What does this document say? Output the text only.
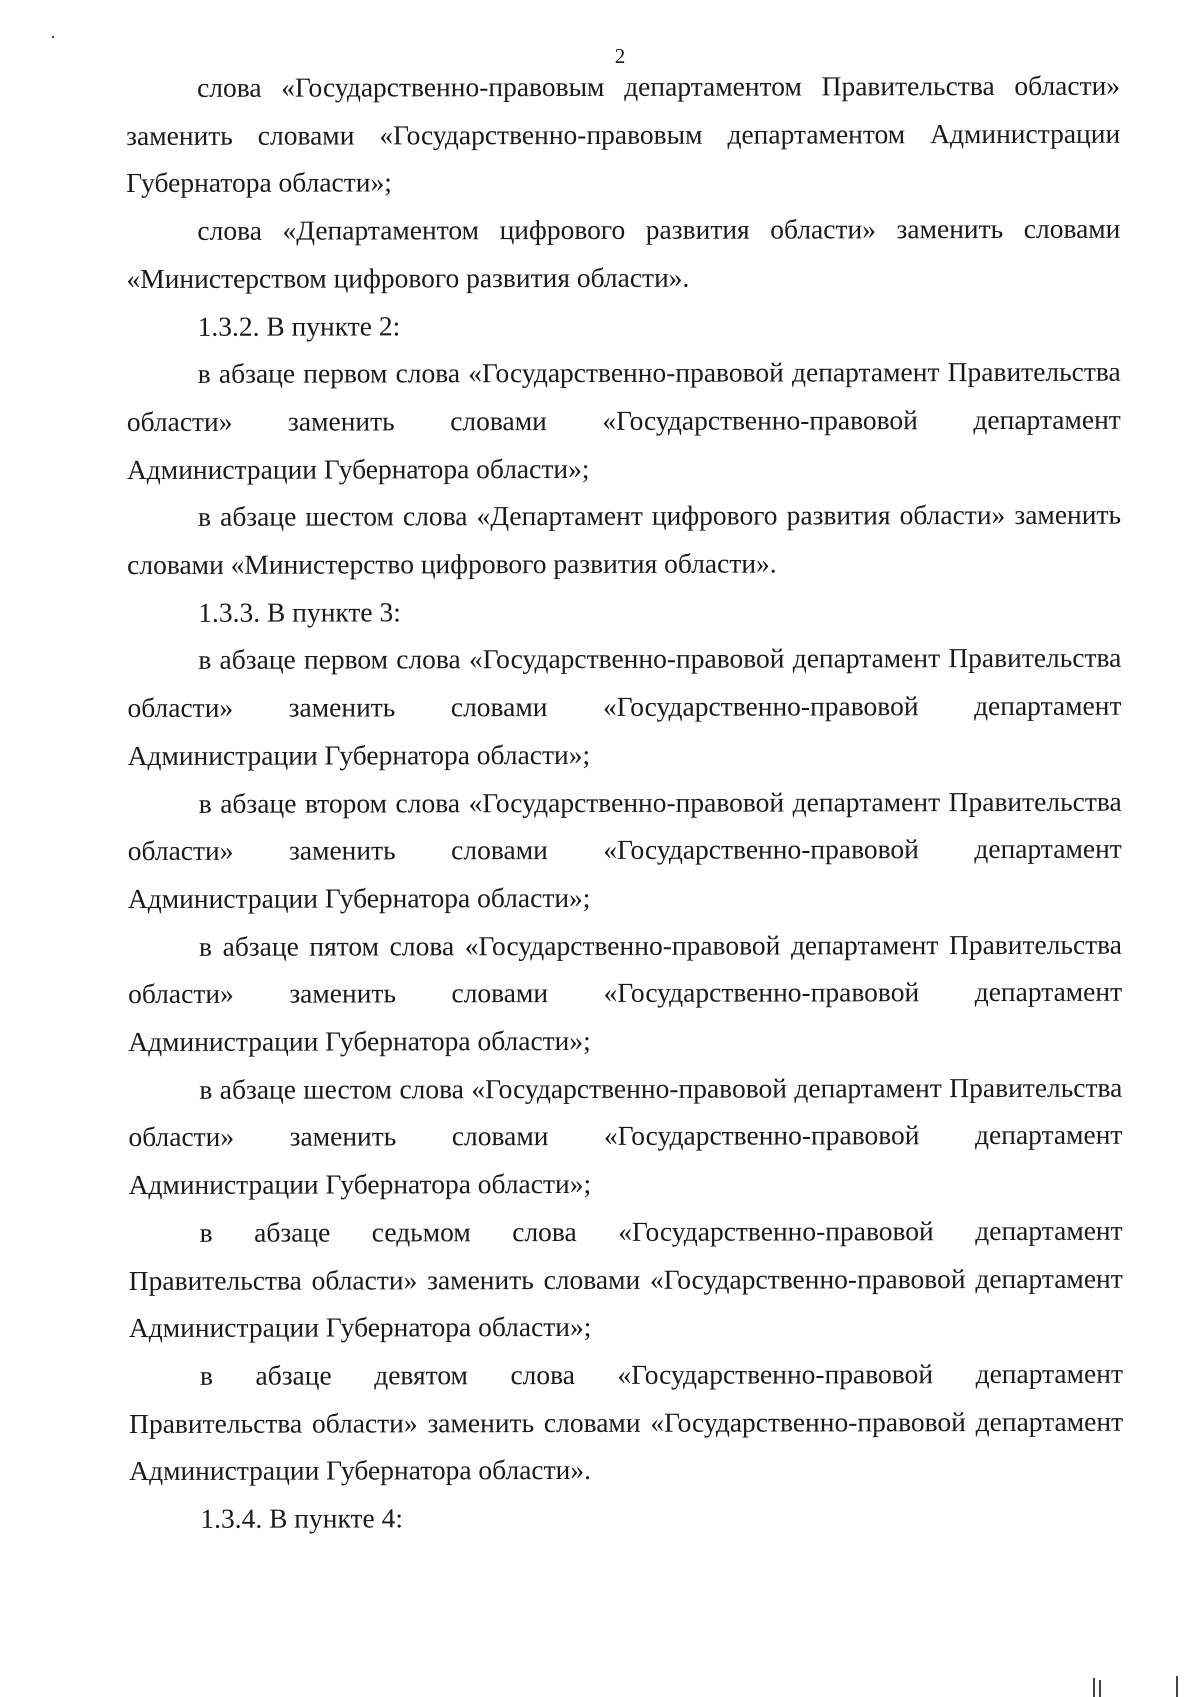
2

слова «Государственно-правовым департаментом Правительства области» заменить словами «Государственно-правовым департаментом Администрации Губернатора области»;

слова «Департаментом цифрового развития области» заменить словами «Министерством цифрового развития области».

1.3.2. В пункте 2:

в абзаце первом слова «Государственно-правовой департамент Правительства области» заменить словами «Государственно-правовой департамент Администрации Губернатора области»;

в абзаце шестом слова «Департамент цифрового развития области» заменить словами «Министерство цифрового развития области».

1.3.3. В пункте 3:

в абзаце первом слова «Государственно-правовой департамент Правительства области» заменить словами «Государственно-правовой департамент Администрации Губернатора области»;

в абзаце втором слова «Государственно-правовой департамент Правительства области» заменить словами «Государственно-правовой департамент Администрации Губернатора области»;

в абзаце пятом слова «Государственно-правовой департамент Правительства области» заменить словами «Государственно-правовой департамент Администрации Губернатора области»;

в абзаце шестом слова «Государственно-правовой департамент Правительства области» заменить словами «Государственно-правовой департамент Администрации Губернатора области»;

в абзаце седьмом слова «Государственно-правовой департамент Правительства области» заменить словами «Государственно-правовой департамент Администрации Губернатора области»;

в абзаце девятом слова «Государственно-правовой департамент Правительства области» заменить словами «Государственно-правовой департамент Администрации Губернатора области».

1.3.4. В пункте 4:
